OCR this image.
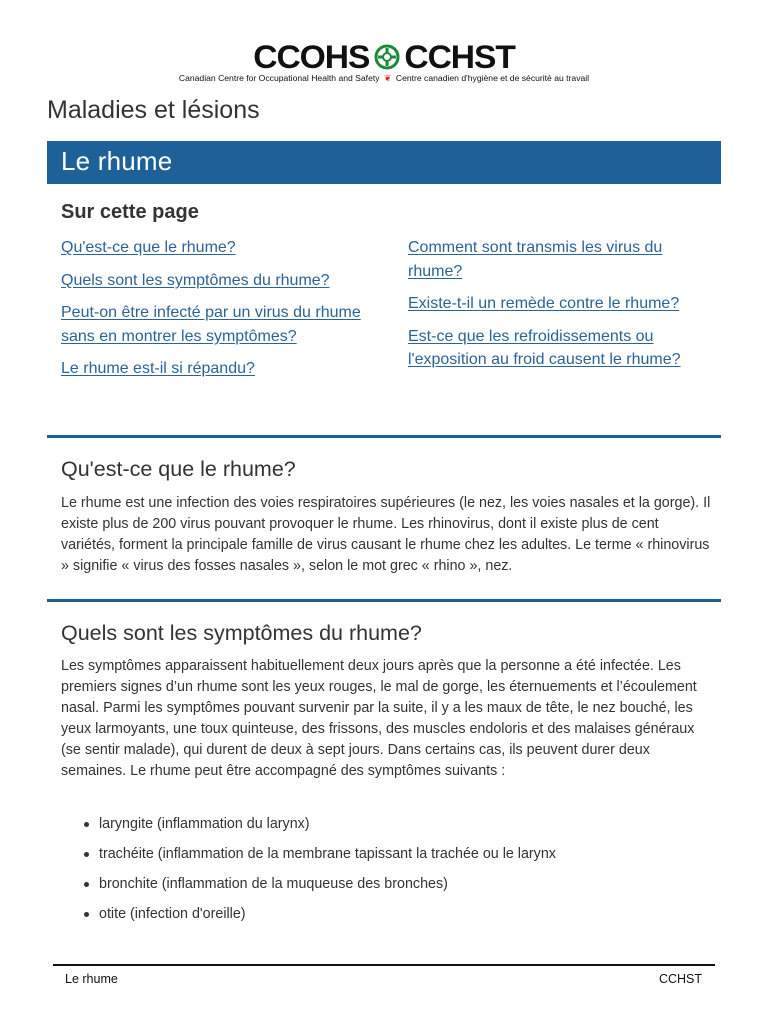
CCOHS CCHST
Canadian Centre for Occupational Health and Safety ❦ Centre canadien d'hygiène et de sécurité au travail
Maladies et lésions
Le rhume
Sur cette page
Qu'est-ce que le rhume?
Quels sont les symptômes du rhume?
Peut-on être infecté par un virus du rhume sans en montrer les symptômes?
Le rhume est-il si répandu?
Comment sont transmis les virus du rhume?
Existe-t-il un remède contre le rhume?
Est-ce que les refroidissements ou l'exposition au froid causent le rhume?
Qu'est-ce que le rhume?
Le rhume est une infection des voies respiratoires supérieures (le nez, les voies nasales et la gorge). Il existe plus de 200 virus pouvant provoquer le rhume. Les rhinovirus, dont il existe plus de cent variétés, forment la principale famille de virus causant le rhume chez les adultes. Le terme « rhinovirus » signifie « virus des fosses nasales », selon le mot grec « rhino », nez.
Quels sont les symptômes du rhume?
Les symptômes apparaissent habituellement deux jours après que la personne a été infectée. Les premiers signes d’un rhume sont les yeux rouges, le mal de gorge, les éternuements et l’écoulement nasal. Parmi les symptômes pouvant survenir par la suite, il y a les maux de tête, le nez bouché, les yeux larmoyants, une toux quinteuse, des frissons, des muscles endoloris et des malaises généraux (se sentir malade), qui durent de deux à sept jours. Dans certains cas, ils peuvent durer deux semaines. Le rhume peut être accompagné des symptômes suivants :
laryngite (inflammation du larynx)
trachéite (inflammation de la membrane tapissant la trachée ou le larynx
bronchite (inflammation de la muqueuse des bronches)
otite (infection d'oreille)
Le rhume	CCHST
